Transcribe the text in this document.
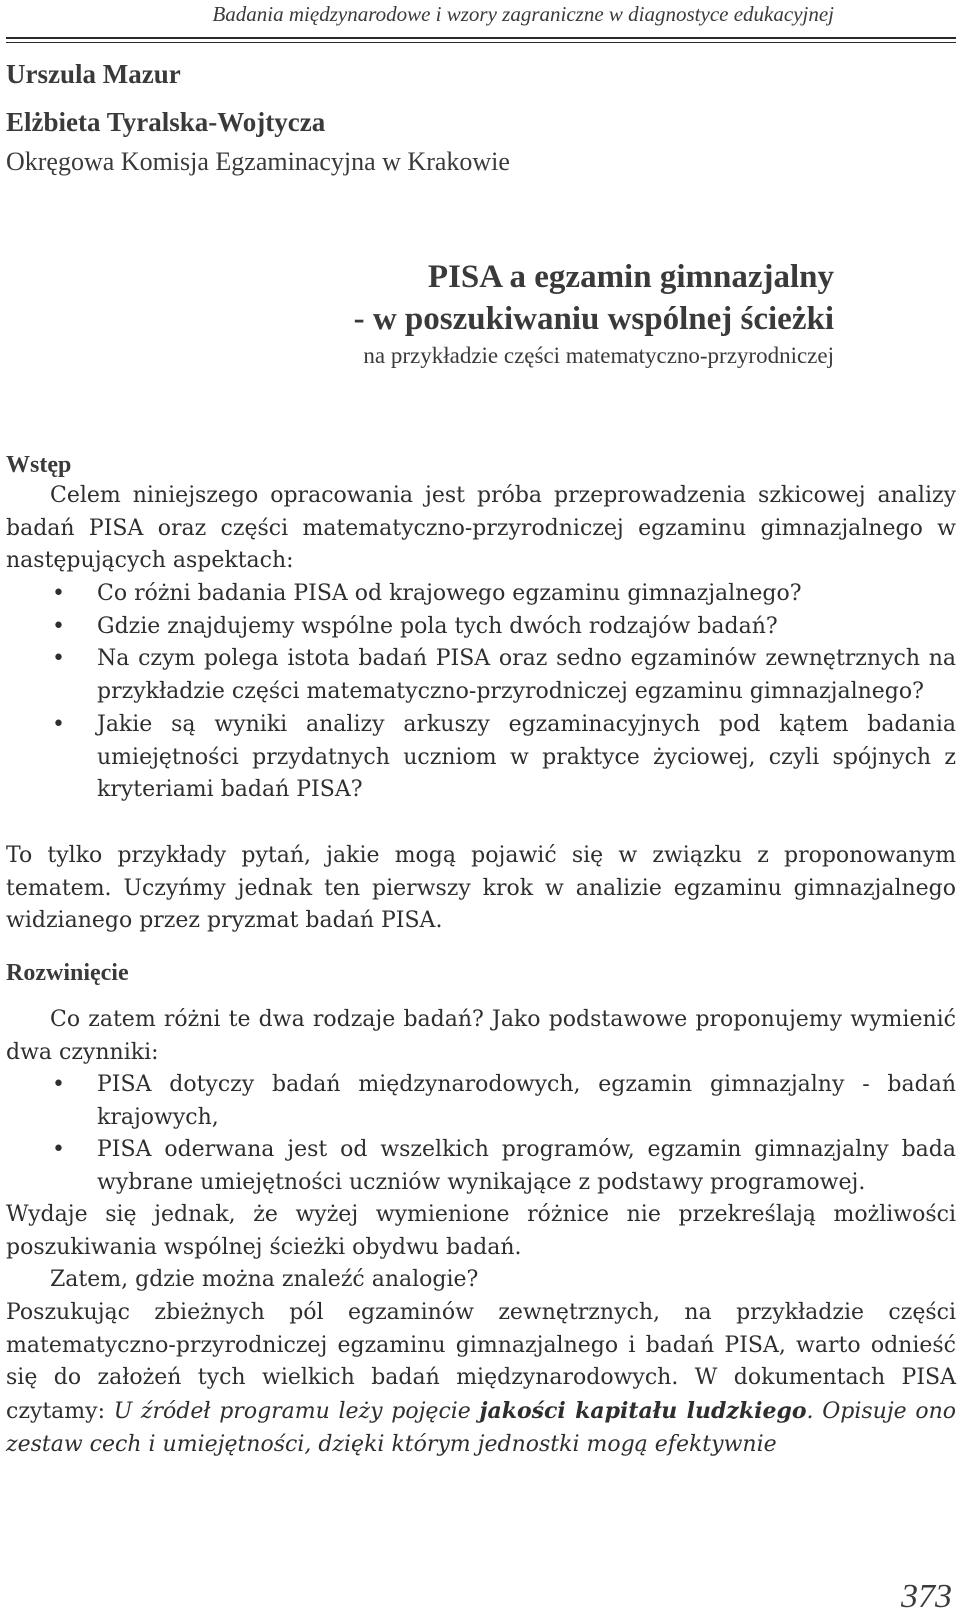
Badania międzynarodowe i wzory zagraniczne w diagnostyce edukacyjnej
Urszula Mazur
Elżbieta Tyralska-Wojtycza
Okręgowa Komisja Egzaminacyjna w Krakowie
PISA a egzamin gimnazjalny
- w poszukiwaniu wspólnej ścieżki
na przykładzie części matematyczno-przyrodniczej
Wstęp
Celem niniejszego opracowania jest próba przeprowadzenia szkicowej analizy badań PISA oraz części matematyczno-przyrodniczej egzaminu gimnazjalnego w następujących aspektach:
• Co różni badania PISA od krajowego egzaminu gimnazjalnego?
• Gdzie znajdujemy wspólne pola tych dwóch rodzajów badań?
• Na czym polega istota badań PISA oraz sedno egzaminów zewnętrznych na przykładzie części matematyczno-przyrodniczej egzaminu gimnazjalnego?
• Jakie są wyniki analizy arkuszy egzaminacyjnych pod kątem badania umiejętności przydatnych uczniom w praktyce życiowej, czyli spójnych z kryteriami badań PISA?
To tylko przykłady pytań, jakie mogą pojawić się w związku z proponowanym tematem. Uczyńmy jednak ten pierwszy krok w analizie egzaminu gimnazjalnego widzianego przez pryzmat badań PISA.
Rozwinięcie
Co zatem różni te dwa rodzaje badań? Jako podstawowe proponujemy wymienić dwa czynniki:
• PISA dotyczy badań międzynarodowych, egzamin gimnazjalny - badań krajowych,
• PISA oderwana jest od wszelkich programów, egzamin gimnazjalny bada wybrane umiejętności uczniów wynikające z podstawy programowej.
Wydaje się jednak, że wyżej wymienione różnice nie przekreślają możliwości poszukiwania wspólnej ścieżki obydwu badań.
Zatem, gdzie można znaleźć analogie?
Poszukując zbieżnych pól egzaminów zewnętrznych, na przykładzie części matematyczno-przyrodniczej egzaminu gimnazjalnego i badań PISA, warto odnieść się do założeń tych wielkich badań międzynarodowych. W dokumentach PISA czytamy: U źródeł programu leży pojęcie jakości kapitału ludzkiego. Opisuje ono zestaw cech i umiejętności, dzięki którym jednostki mogą efektywnie
373
